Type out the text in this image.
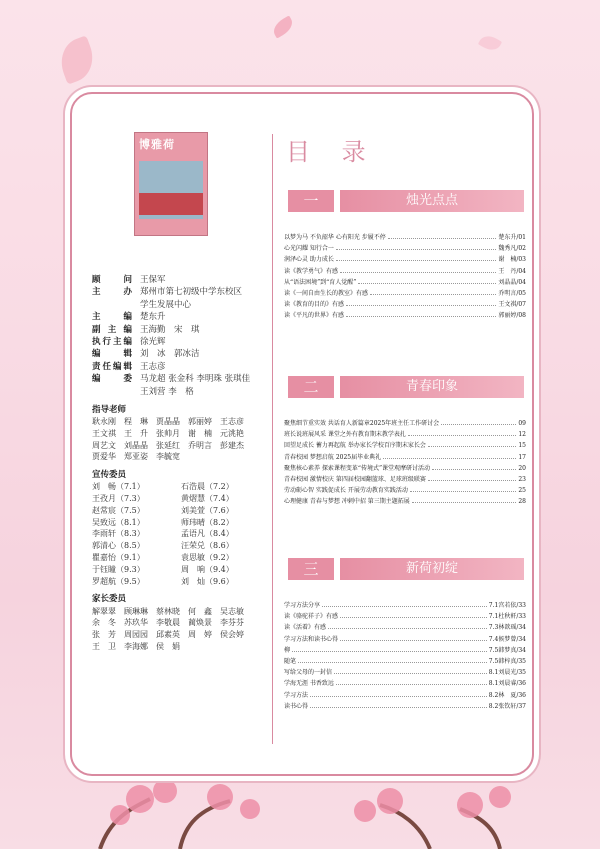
博雅荷
顾　　问 王保军
主　　办 郑州市第七初级中学东校区
学生发展中心
主　　编 楚东升
副主编 王海勤　宋　琪
执行主编 徐光辉
编　　辑 刘　冰　郭冰洁
责任编辑 王志彦
编　　委 马龙超 张金科 李明珠 张琪佳
王刘营 李　格
指导老师
耿永刚　程　琳　贾晶晶　郭丽婷　王志彦
王文祺　王　升　张帅月　谢　楠　元洮艳
周艺文　刘晶晶　张延红　乔明言　彭建杰
贾爱华　郑亚姿　李毓宽
宣传委员
刘　畅（7.1）	石浩晨（7.2）
王孜月（7.3）	黄熠慧（7.4）
赵常宸（7.5）	刘美萱（7.6）
吴致远（8.1）	师玮晴（8.2）
李雨轩（8.3）	孟语凡（8.4）
郭清心（8.5）	汪荣兑（8.6）
瞿嘉怡（9.1）	袁思敏（9.2）
于钰瞳（9.3）	周　响（9.4）
罗超航（9.5）	刘　灿（9.6）
家长委员
解翠翠　顾琳琳　蔡林晓　何　鑫　吴志敏
余　冬　苏玖华　李敬晨　蔺焕景　李芬芬
张　芳　周园园　邱素英　周　婷　侯会婷
王　卫　李海娜　侯　娟
目 录
一	烛光点点
以梦为马 不负韶华 心有阳光 步履不停	楚东升/01
心光闪耀 知行合一	魏秀凡/02
润泽心灵 助力成长	谢　楠/03
读《教学勇气》有感	王　丹/04
从“语法困境”到“育人觉醒”	刘晶晶/04
读《一间自由生长的教室》有感	乔明言/05
读《教育的目的》有感	王文祺/07
读《平凡的世界》有感	郭丽婷/08
二	青春印象
聚焦细节重实效 共话育人新篇章2025年班主任工作研讨会	09
班长说班展风采 课堂之外有教育期末教学表扎	12
回望足成长 蓄力再起航 举办家长学校百序期末家长会	15
青春校园 梦想启航 2025届毕业典礼	17
聚焦核心素养 探索课程变革“传境式”课堂观摩研讨活动	20
青春校园 激情校庆 第四届校园翻篮球、足球班级联赛	23
劳动砺心智 实践促成长 开展劳动教育实践活动	25
心理健康 青春与梦想 冲刺中招 第三期主题拓展	28
三	新荷初绽
学习方法分享	7.1宫若依/33
读《骆驼祥子》有感	7.1杜秋軒/33
读《活着》有感	7.3林歆瑶/34
学习方法和读书心得	7.4候梦曾/34
柳	7.5韩梦真/34
随笔	7.5韩梓真/35
写给父母的一封信	8.1刘晨光/35
学海无涯 书香致远	8.1刘晨睿/36
学习方法	8.2林　夏/36
读书心得	8.2张钦轩/37
